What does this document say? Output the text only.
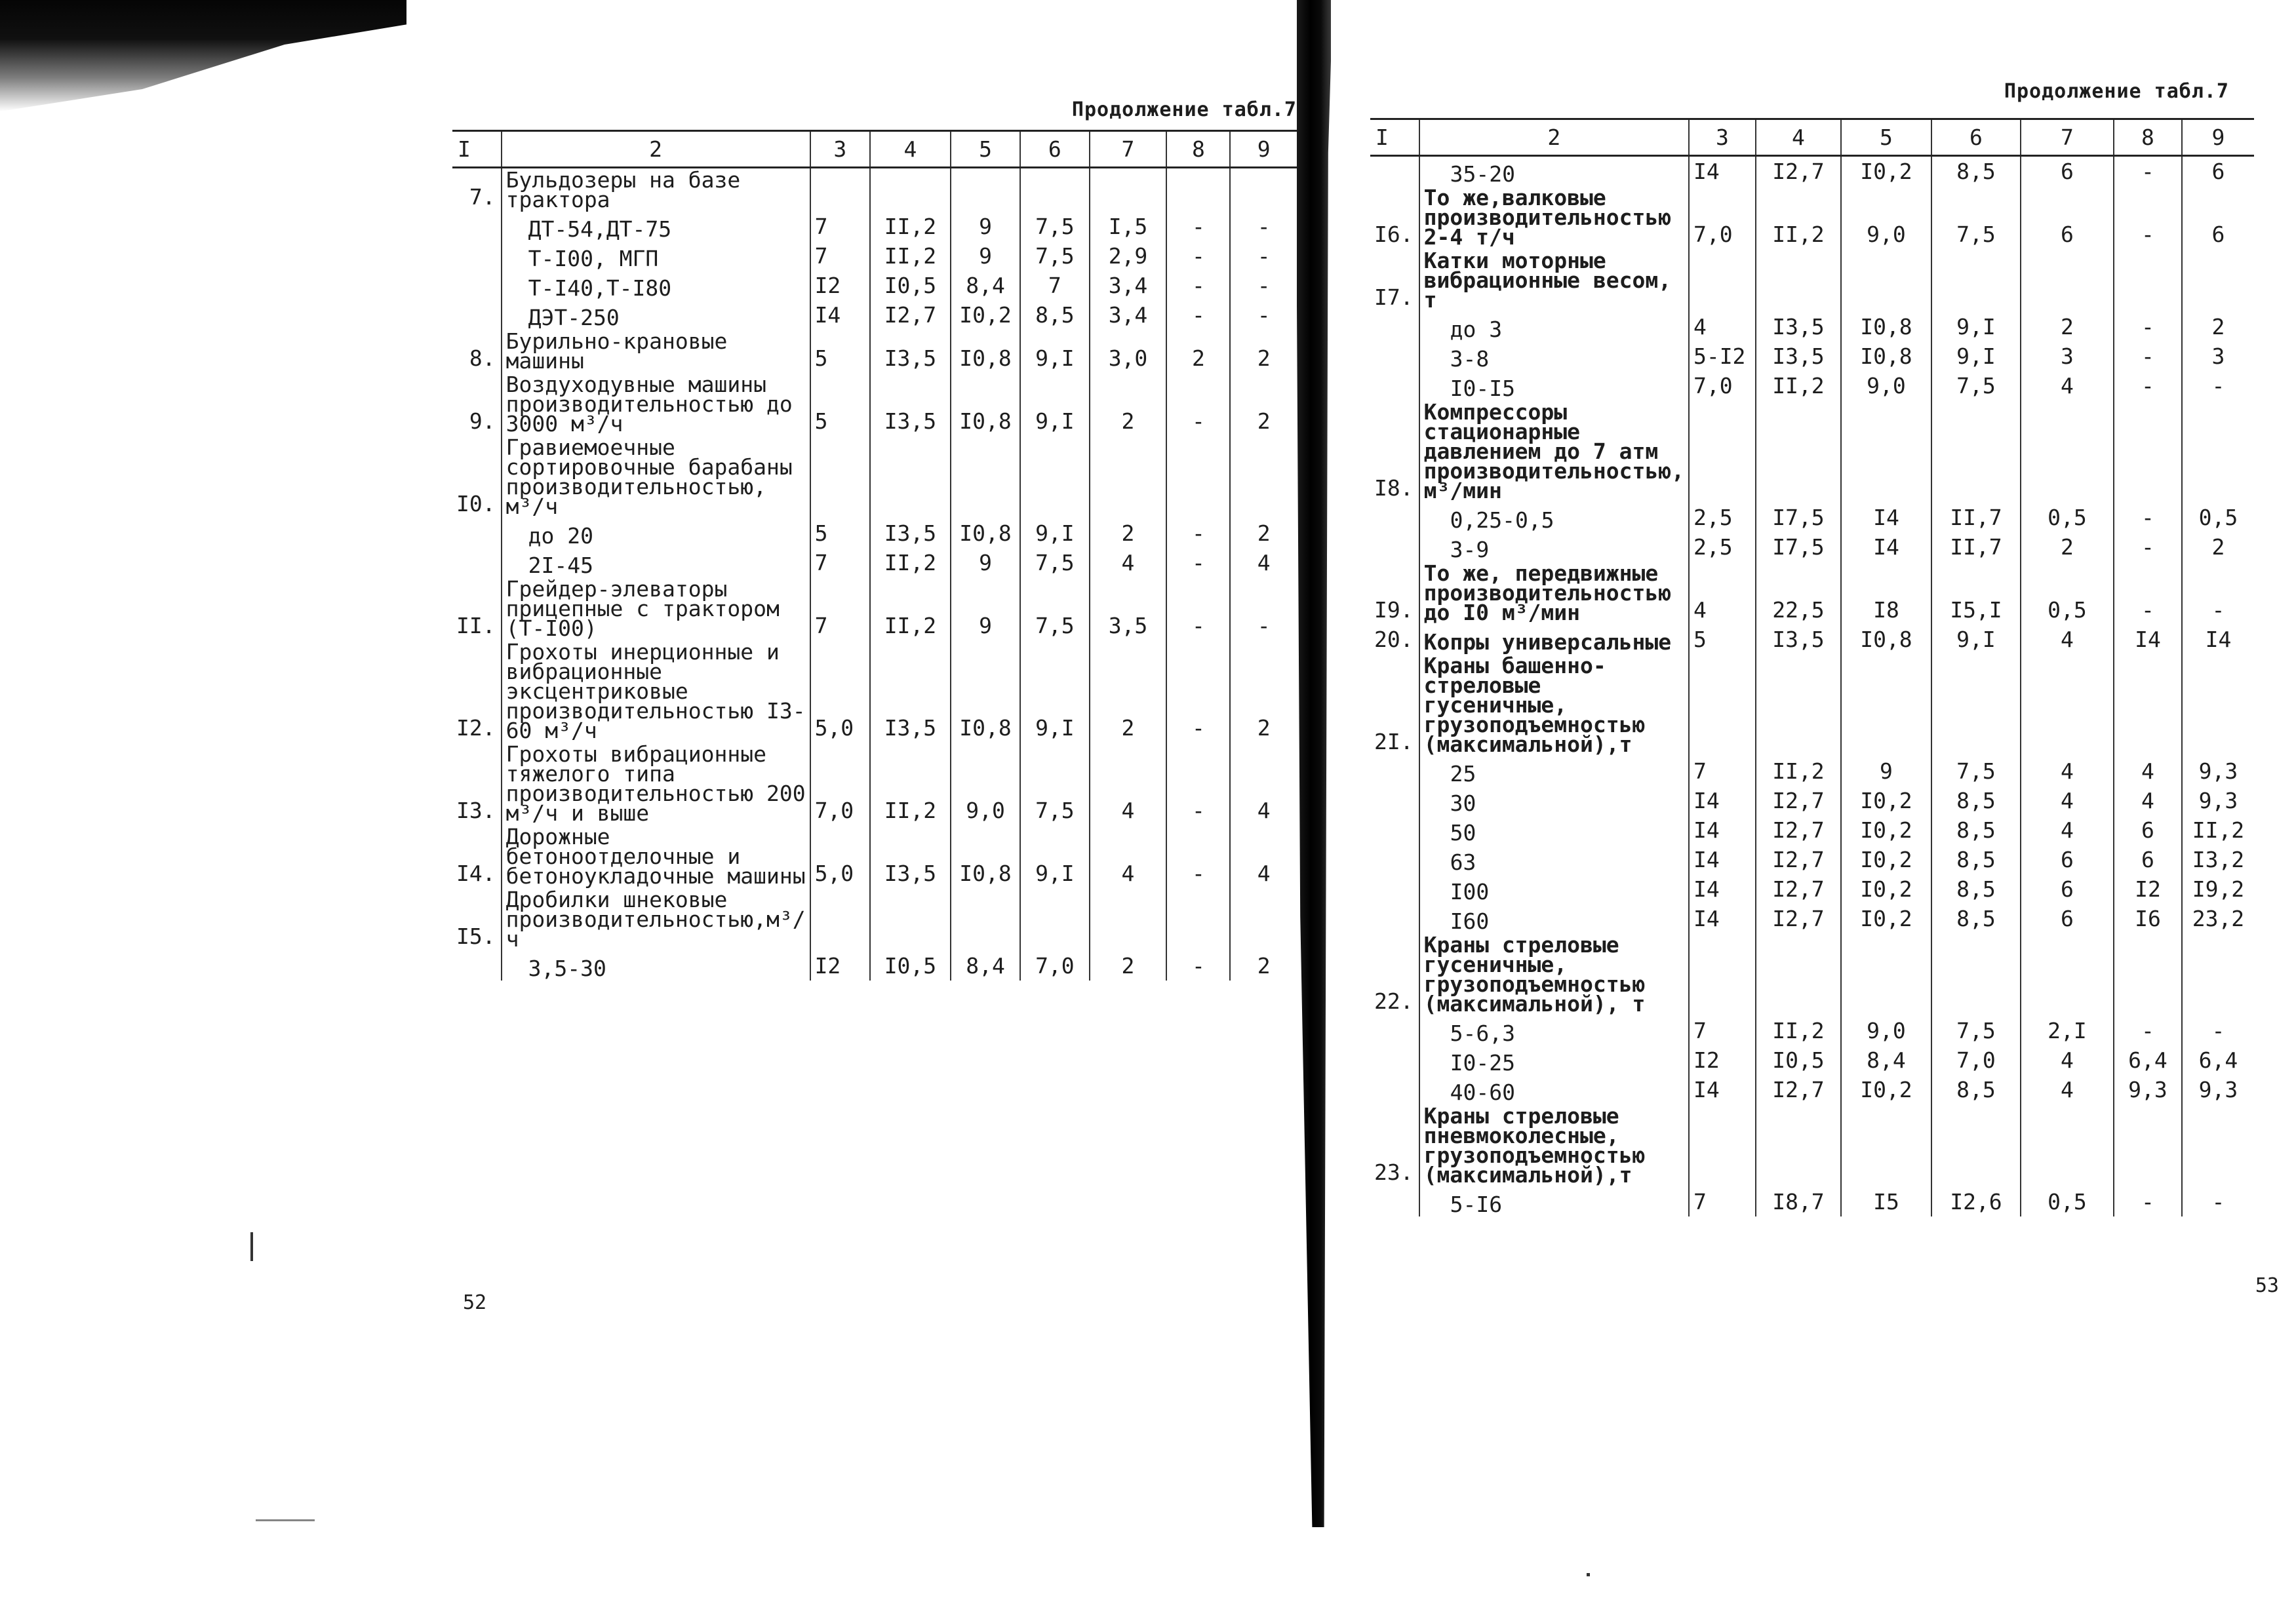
Продолжение табл.7
I	2	3	4	5	6	7	8	9
7.	Бульдозеры на базе трактора							
	ДТ-54,ДТ-75	7	II,2	9	7,5	I,5	-	-
	Т-I00, МГП	7	II,2	9	7,5	2,9	-	-
	Т-I40,Т-I80	I2	I0,5	8,4	7	3,4	-	-
	ДЭТ-250	I4	I2,7	I0,2	8,5	3,4	-	-
8.	Бурильно-крановые машины	5	I3,5	I0,8	9,I	3,0	2	2
9.	Воздуходувные машины производительностью до 3000 м³/ч	5	I3,5	I0,8	9,I	2	-	2
I0.	Гравиемоечные сортировочные барабаны производительностью, м³/ч							
	до 20	5	I3,5	I0,8	9,I	2	-	2
	2I-45	7	II,2	9	7,5	4	-	4
II.	Грейдер-элеваторы прицепные с трактором (Т-I00)	7	II,2	9	7,5	3,5	-	-
I2.	Грохоты инерционные и вибрационные эксцентриковые производительностью I3-60 м³/ч	5,0	I3,5	I0,8	9,I	2	-	2
I3.	Грохоты вибрационные тяжелого типа производительностью 200 м³/ч и выше	7,0	II,2	9,0	7,5	4	-	4
I4.	Дорожные бетоноотделочные и бетоноукладочные машины	5,0	I3,5	I0,8	9,I	4	-	4
I5.	Дробилки шнековые производительностью,м³/ч							
	3,5-30	I2	I0,5	8,4	7,0	2	-	2
52
Продолжение табл.7
I	2	3	4	5	6	7	8	9
	35-20	I4	I2,7	I0,2	8,5	6	-	6
I6.	То же,валковые производительностью 2-4 т/ч	7,0	II,2	9,0	7,5	6	-	6
I7.	Катки моторные вибрационные весом, т							
	до 3	4	I3,5	I0,8	9,I	2	-	2
	3-8	5-I2	I3,5	I0,8	9,I	3	-	3
	I0-I5	7,0	II,2	9,0	7,5	4	-	-
I8.	Компрессоры стационарные давлением до 7 атм производительностью, м³/мин							
	0,25-0,5	2,5	I7,5	I4	II,7	0,5	-	0,5
	3-9	2,5	I7,5	I4	II,7	2	-	2
I9.	То же, передвижные производительностью до I0 м³/мин	4	22,5	I8	I5,I	0,5	-	-
20.	Копры универсальные	5	I3,5	I0,8	9,I	4	I4	I4
2I.	Краны башенно-стреловые гусеничные, грузоподъемностью (максимальной),т							
	25	7	II,2	9	7,5	4	4	9,3
	30	I4	I2,7	I0,2	8,5	4	4	9,3
	50	I4	I2,7	I0,2	8,5	4	6	II,2
	63	I4	I2,7	I0,2	8,5	6	6	I3,2
	I00	I4	I2,7	I0,2	8,5	6	I2	I9,2
	I60	I4	I2,7	I0,2	8,5	6	I6	23,2
22.	Краны стреловые гусеничные, грузоподъемностью (максимальной), т							
	5-6,3	7	II,2	9,0	7,5	2,I	-	-
	I0-25	I2	I0,5	8,4	7,0	4	6,4	6,4
	40-60	I4	I2,7	I0,2	8,5	4	9,3	9,3
23.	Краны стреловые пневмоколесные, грузоподъемностью (максимальной),т							
	5-I6	7	I8,7	I5	I2,6	0,5	-	-
53
